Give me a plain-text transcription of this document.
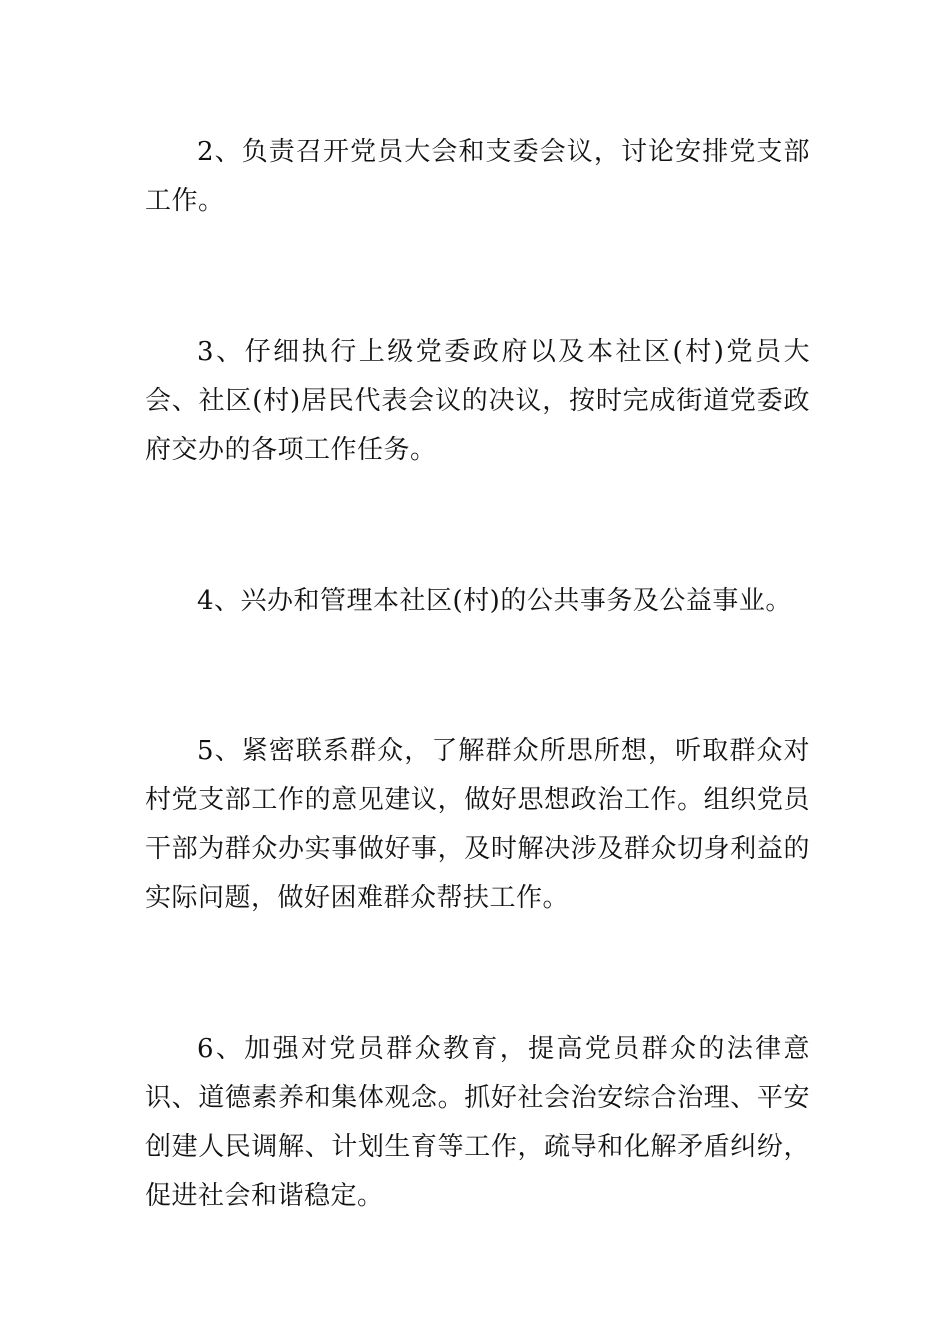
2、负责召开党员大会和支委会议，讨论安排党支部工作。

3、仔细执行上级党委政府以及本社区(村)党员大会、社区(村)居民代表会议的决议，按时完成街道党委政府交办的各项工作任务。

4、兴办和管理本社区(村)的公共事务及公益事业。

5、紧密联系群众，了解群众所思所想，听取群众对村党支部工作的意见建议，做好思想政治工作。组织党员干部为群众办实事做好事，及时解决涉及群众切身利益的实际问题，做好困难群众帮扶工作。

6、加强对党员群众教育，提高党员群众的法律意识、道德素养和集体观念。抓好社会治安综合治理、平安创建人民调解、计划生育等工作，疏导和化解矛盾纠纷，促进社会和谐稳定。
